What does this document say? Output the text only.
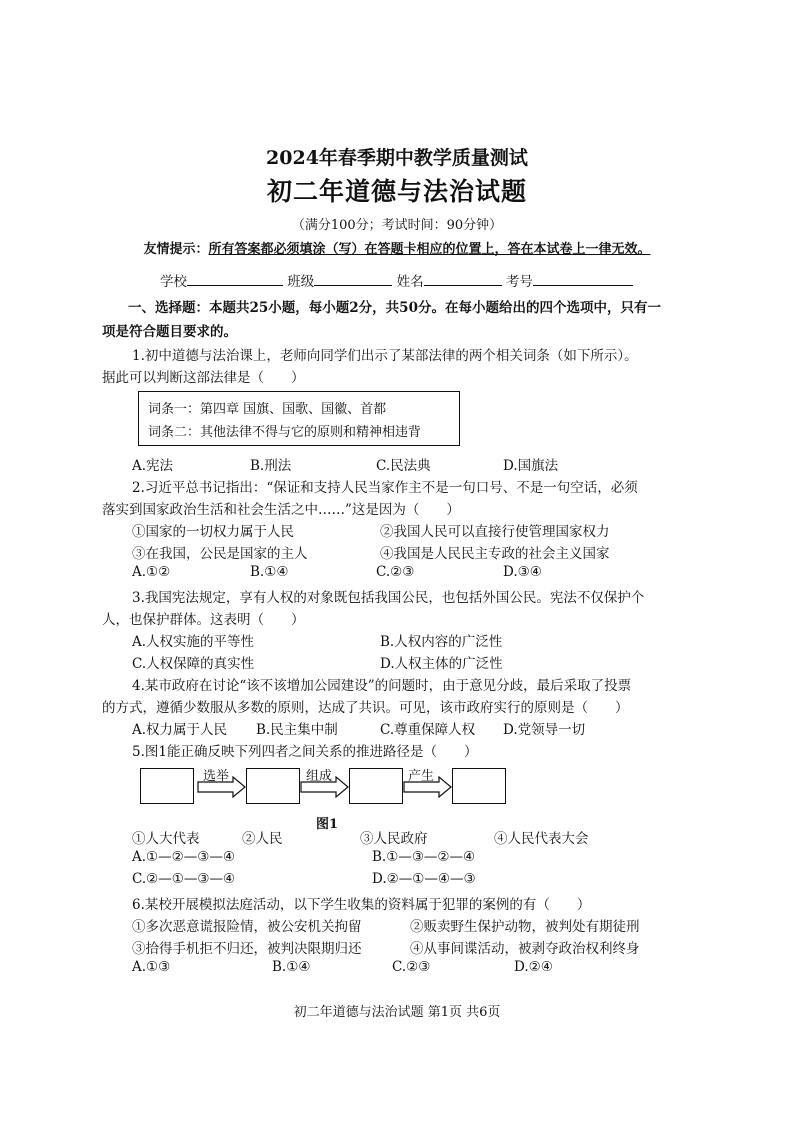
2024年春季期中教学质量测试
初二年道德与法治试题
（满分100分；考试时间：90分钟）
友情提示：所有答案都必须填涂（写）在答题卡相应的位置上，答在本试卷上一律无效。
学校	班级	姓名	考号
一、选择题：本题共25小题，每小题2分，共50分。在每小题给出的四个选项中，只有一
项是符合题目要求的。
1.初中道德与法治课上，老师向同学们出示了某部法律的两个相关词条（如下所示）。
据此可以判断这部法律是（　　）
词条一：第四章 国旗、国歌、国徽、首都
词条二：其他法律不得与它的原则和精神相违背
A.宪法	B.刑法	C.民法典	D.国旗法
2.习近平总书记指出：“保证和支持人民当家作主不是一句口号、不是一句空话，必须
落实到国家政治生活和社会生活之中……”这是因为（　　）
①国家的一切权力属于人民	②我国人民可以直接行使管理国家权力
③在我国，公民是国家的主人	④我国是人民民主专政的社会主义国家
A.①②	B.①④	C.②③	D.③④
3.我国宪法规定，享有人权的对象既包括我国公民，也包括外国公民。宪法不仅保护个
人，也保护群体。这表明（　　）
A.人权实施的平等性	B.人权内容的广泛性
C.人权保障的真实性	D.人权主体的广泛性
4.某市政府在讨论“该不该增加公园建设”的问题时，由于意见分歧，最后采取了投票
的方式，遵循少数服从多数的原则，达成了共识。可见，该市政府实行的原则是（　　）
A.权力属于人民 B.民主集中制	C.尊重保障人权 D.党领导一切
5.图1能正确反映下列四者之间关系的推进路径是（　　）
选举	组成	产生
图1
①人大代表	②人民	③人民政府	④人民代表大会
A.①—②—③—④	B.①—③—②—④
C.②—①—③—④	D.②—①—④—③
6.某校开展模拟法庭活动，以下学生收集的资料属于犯罪的案例的有（　　）
①多次恶意谎报险情，被公安机关拘留	②贩卖野生保护动物，被判处有期徒刑
③拾得手机拒不归还，被判决限期归还	④从事间谍活动，被剥夺政治权利终身
A.①③	B.①④	C.②③	D.②④
初二年道德与法治试题 第1页 共6页
